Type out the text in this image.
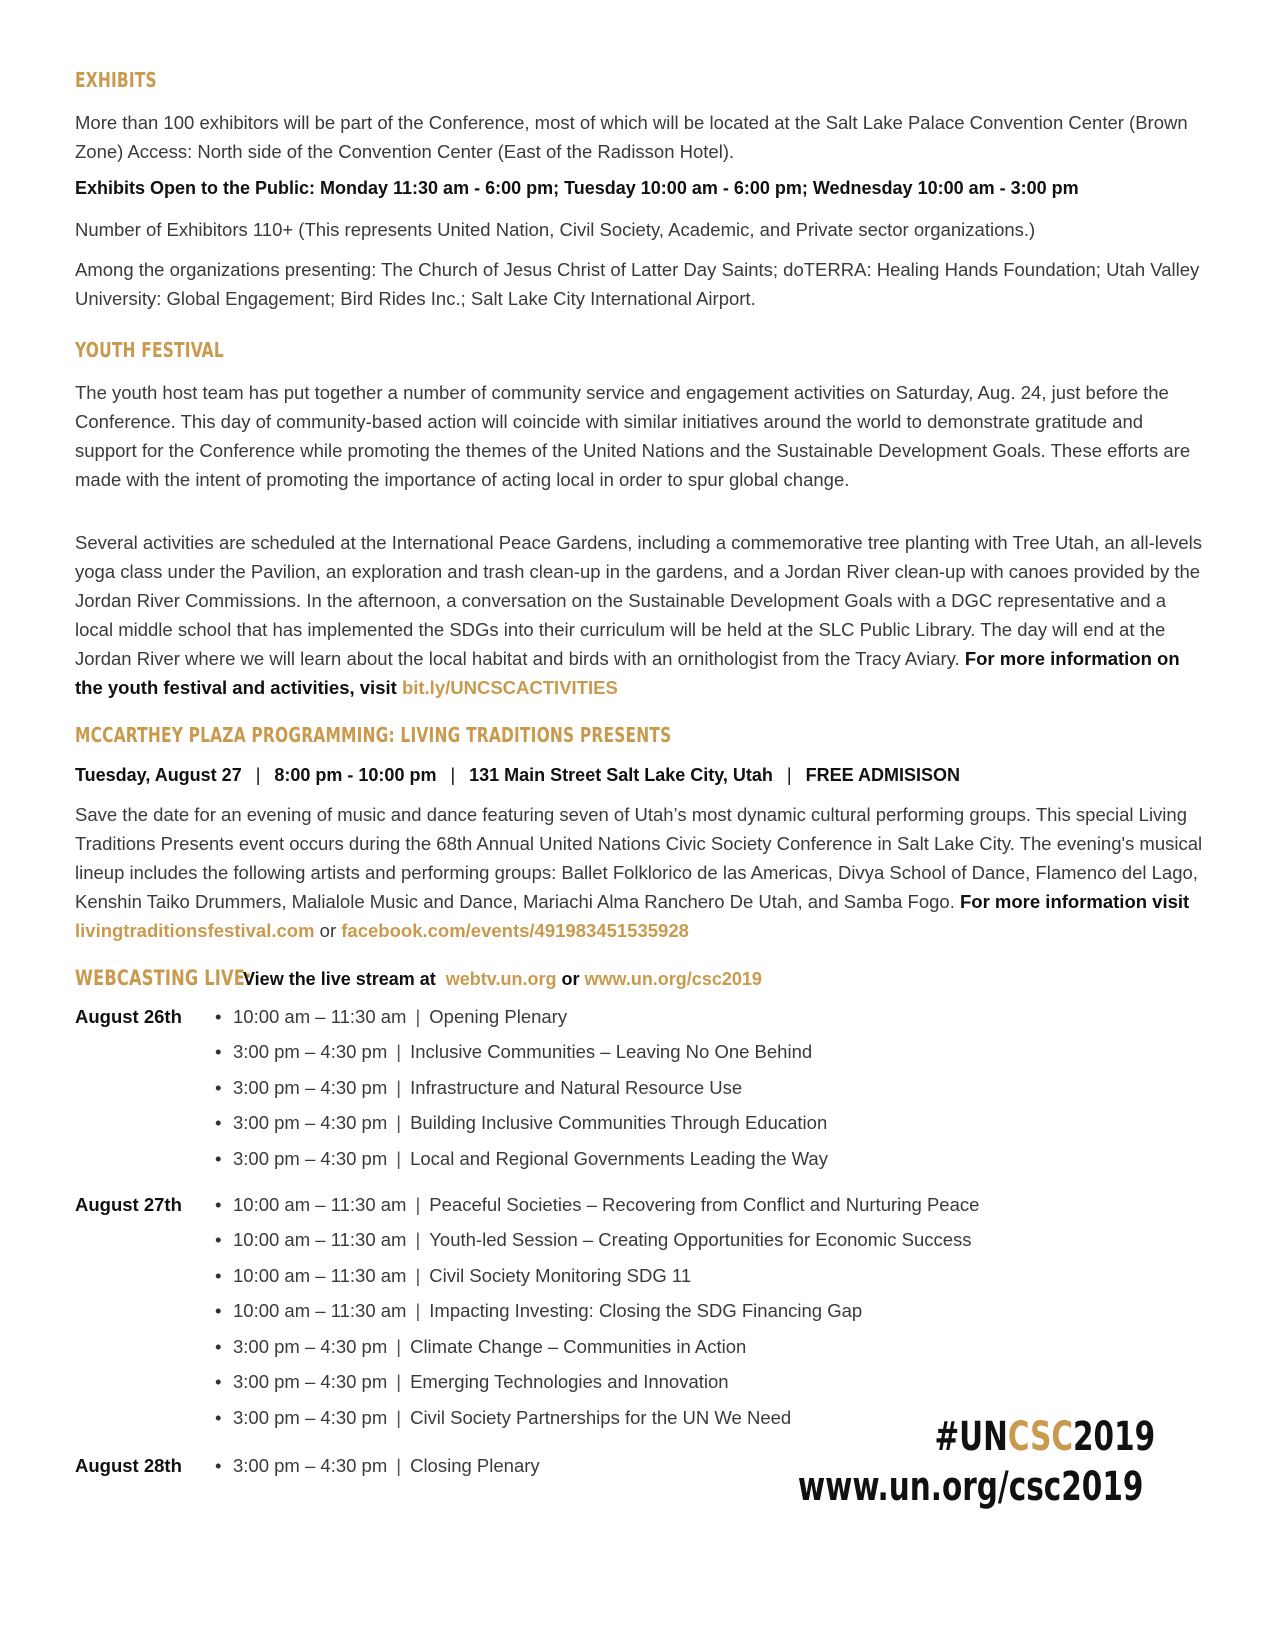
EXHIBITS

More than 100 exhibitors will be part of the Conference, most of which will be located at the Salt Lake Palace Convention Center (Brown Zone) Access: North side of the Convention Center (East of the Radisson Hotel).

Exhibits Open to the Public: Monday 11:30 am - 6:00 pm; Tuesday 10:00 am - 6:00 pm; Wednesday 10:00 am - 3:00 pm

Number of Exhibitors 110+ (This represents United Nation, Civil Society, Academic, and Private sector organizations.)

Among the organizations presenting: The Church of Jesus Christ of Latter Day Saints; doTERRA: Healing Hands Foundation; Utah Valley University: Global Engagement; Bird Rides Inc.; Salt Lake City International Airport.

YOUTH FESTIVAL

The youth host team has put together a number of community service and engagement activities on Saturday, Aug. 24, just before the Conference. This day of community-based action will coincide with similar initiatives around the world to demonstrate gratitude and support for the Conference while promoting the themes of the United Nations and the Sustainable Development Goals. These efforts are made with the intent of promoting the importance of acting local in order to spur global change.

Several activities are scheduled at the International Peace Gardens, including a commemorative tree planting with Tree Utah, an all-levels yoga class under the Pavilion, an exploration and trash clean-up in the gardens, and a Jordan River clean-up with canoes provided by the Jordan River Commissions. In the afternoon, a conversation on the Sustainable Development Goals with a DGC representative and a local middle school that has implemented the SDGs into their curriculum will be held at the SLC Public Library. The day will end at the Jordan River where we will learn about the local habitat and birds with an ornithologist from the Tracy Aviary. For more information on the youth festival and activities, visit bit.ly/UNCSCACTIVITIES

MCCARTHEY PLAZA PROGRAMMING: LIVING TRADITIONS PRESENTS

Tuesday, August 27 | 8:00 pm - 10:00 pm | 131 Main Street Salt Lake City, Utah | FREE ADMISISON

Save the date for an evening of music and dance featuring seven of Utah’s most dynamic cultural performing groups. This special Living Traditions Presents event occurs during the 68th Annual United Nations Civic Society Conference in Salt Lake City. The evening's musical lineup includes the following artists and performing groups: Ballet Folklorico de las Americas, Divya School of Dance, Flamenco del Lago, Kenshin Taiko Drummers, Malialole Music and Dance, Mariachi Alma Ranchero De Utah, and Samba Fogo. For more information visit  livingtraditionsfestival.com or facebook.com/events/491983451535928

WEBCASTING LIVE:
View the live stream at webtv.un.org or www.un.org/csc2019
August 26th • 10:00 am – 11:30 am | Opening Plenary
• 3:00 pm – 4:30 pm | Inclusive Communities – Leaving No One Behind
• 3:00 pm – 4:30 pm | Infrastructure and Natural Resource Use
• 3:00 pm – 4:30 pm | Building Inclusive Communities Through Education
• 3:00 pm – 4:30 pm | Local and Regional Governments Leading the Way
August 27th • 10:00 am – 11:30 am | Peaceful Societies – Recovering from Conflict and Nurturing Peace
• 10:00 am – 11:30 am | Youth-led Session – Creating Opportunities for Economic Success
• 10:00 am – 11:30 am | Civil Society Monitoring SDG 11
• 10:00 am – 11:30 am | Impacting Investing: Closing the SDG Financing Gap
• 3:00 pm – 4:30 pm | Climate Change – Communities in Action
• 3:00 pm – 4:30 pm | Emerging Technologies and Innovation
• 3:00 pm – 4:30 pm | Civil Society Partnerships for the UN We Need
August 28th • 3:00 pm – 4:30 pm | Closing Plenary
#UNCSC2019
www.un.org/csc2019
